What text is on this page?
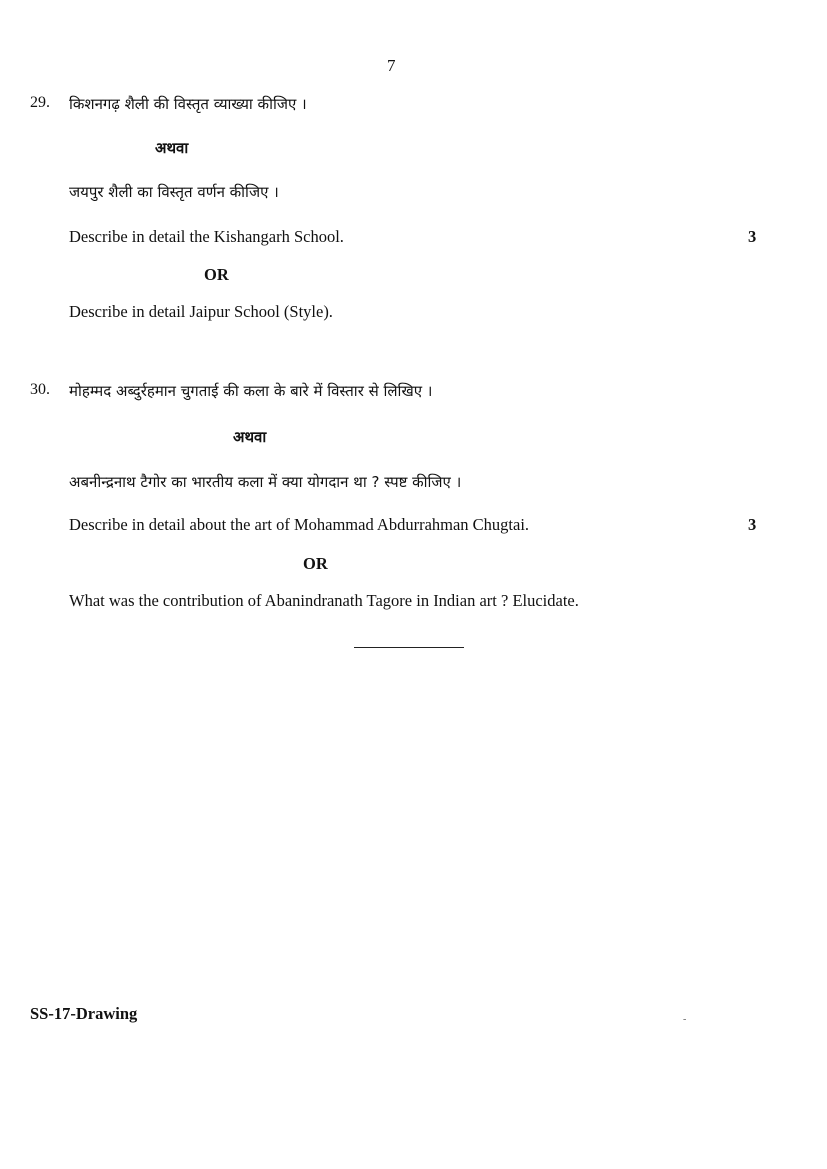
7
29. किशनगढ़ शैली की विस्तृत व्याख्या कीजिए ।
अथवा
जयपुर शैली का विस्तृत वर्णन कीजिए ।
Describe in detail the Kishangarh School.	3
OR
Describe in detail Jaipur School (Style).
30. मोहम्मद अब्दुर्रहमान चुगताई की कला के बारे में विस्तार से लिखिए ।
अथवा
अबनीन्द्रनाथ टैगोर का भारतीय कला में क्या योगदान था ? स्पष्ट कीजिए ।
Describe in detail about the art of Mohammad Abdurrahman Chugtai.	3
OR
What was the contribution of Abanindranath Tagore in Indian art ? Elucidate.
SS-17-Drawing	-
